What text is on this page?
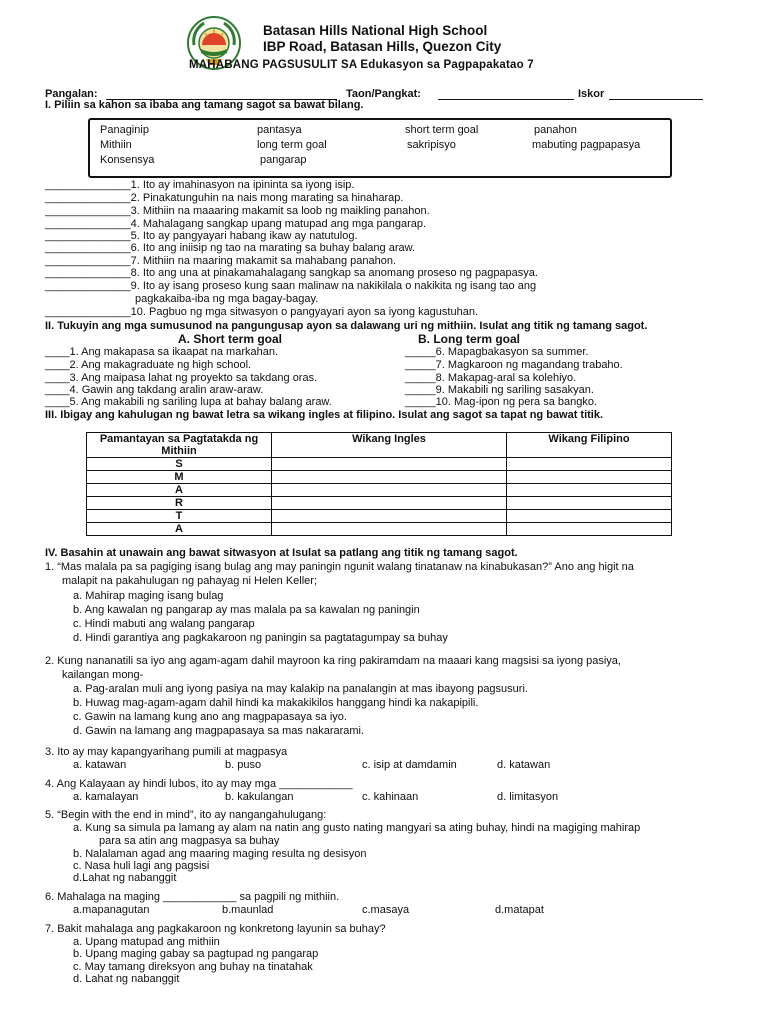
Batasan Hills National High School
IBP Road, Batasan Hills, Quezon City
MAHABANG PAGSUSULIT SA Edukasyon sa Pagpapakatao 7
Pangalan:	Taon/Pangkat:	Iskor
I. Piliin sa kahon sa ibaba ang tamang sagot sa bawat bilang.
Panaginip	pantasya	short term goal	panahon
Mithiin	long term goal	sakripisyo	mabuting pagpapasya
Konsensya	pangarap
______________1. Ito ay imahinasyon na ipininta sa iyong isip.
______________2. Pinakatunguhin na nais mong marating sa hinaharap.
______________3. Mithiin na maaaring makamit sa loob ng maikling panahon.
______________4. Mahalagang sangkap upang matupad ang mga pangarap.
______________5. Ito ay pangyayari habang ikaw ay natutulog.
______________6. Ito ang iniisip ng tao na marating sa buhay balang araw.
______________7. Mithiin na maaring makamit sa mahabang panahon.
______________8. Ito ang una at pinakamahalagang sangkap sa anomang proseso ng pagpapasya.
______________9. Ito ay isang proseso kung saan malinaw na nakikilala o nakikita ng isang tao ang
pagkakaiba-iba ng mga bagay-bagay.
______________10. Pagbuo ng mga sitwasyon o pangyayari ayon sa iyong kagustuhan.
II. Tukuyin ang mga sumusunod na pangungusap ayon sa dalawang uri ng mithiin. Isulat ang titik ng tamang sagot.
A. Short term goal	B. Long term goal
____1. Ang makapasa sa ikaapat na markahan.
____2. Ang makagraduate ng high school.
____3. Ang maipasa lahat ng proyekto sa takdang oras.
____4. Gawin ang takdang aralin araw-araw.
____5. Ang makabili ng sariling lupa at bahay balang araw.
_____6. Mapagbakasyon sa summer.
_____7. Magkaroon ng magandang trabaho.
_____8. Makapag-aral sa kolehiyo.
_____9. Makabili ng sariling sasakyan.
_____10. Mag-ipon ng pera sa bangko.
III. Ibigay ang kahulugan ng bawat letra sa wikang ingles at filipino. Isulat ang sagot sa tapat ng bawat titik.
Pamantayan sa Pagtatakda ng Mithiin	Wikang Ingles	Wikang Filipino
S		
M		
A		
R		
T		
A		
IV. Basahin at unawain ang bawat sitwasyon at Isulat sa patlang ang titik ng tamang sagot.
1. “Mas malala pa sa pagiging isang bulag ang may paningin ngunit walang tinatanaw na kinabukasan?” Ano ang higit na
malapit na pakahulugan ng pahayag ni Helen Keller;
a. Mahirap maging isang bulag
b. Ang kawalan ng pangarap ay mas malala pa sa kawalan ng paningin
c. Hindi mabuti ang walang pangarap
d. Hindi garantiya ang pagkakaroon ng paningin sa pagtatagumpay sa buhay
2. Kung nananatili sa iyo ang agam-agam dahil mayroon ka ring pakiramdam na maaari kang magsisi sa iyong pasiya,
kailangan mong-
a. Pag-aralan muli ang iyong pasiya na may kalakip na panalangin at mas ibayong pagsusuri.
b. Huwag mag-agam-agam dahil hindi ka makakikilos hanggang hindi ka nakapipili.
c. Gawin na lamang kung ano ang magpapasaya sa iyo.
d. Gawin na lamang ang magpapasaya sa mas nakararami.
3. Ito ay may kapangyarihang pumili at magpasya
a. katawan	b. puso	c. isip at damdamin	d. katawan
4. Ang Kalayaan ay hindi lubos, ito ay may mga ____________
a. kamalayan	b. kakulangan	c. kahinaan	d. limitasyon
5. “Begin with the end in mind”, ito ay nangangahulugang:
a. Kung sa simula pa lamang ay alam na natin ang gusto nating mangyari sa ating buhay, hindi na magiging mahirap
para sa atin ang magpasya sa buhay
b. Nalalaman agad ang maaring maging resulta ng desisyon
c. Nasa huli lagi ang pagsisi
d.Lahat ng nabanggit
6. Mahalaga na maging ____________ sa pagpili ng mithiin.
a.mapanagutan	b.maunlad	c.masaya	d.matapat
7. Bakit mahalaga ang pagkakaroon ng konkretong layunin sa buhay?
a. Upang matupad ang mithiin
b. Upang maging gabay sa pagtupad ng pangarap
c. May tamang direksyon ang buhay na tinatahak
d. Lahat ng nabanggit
